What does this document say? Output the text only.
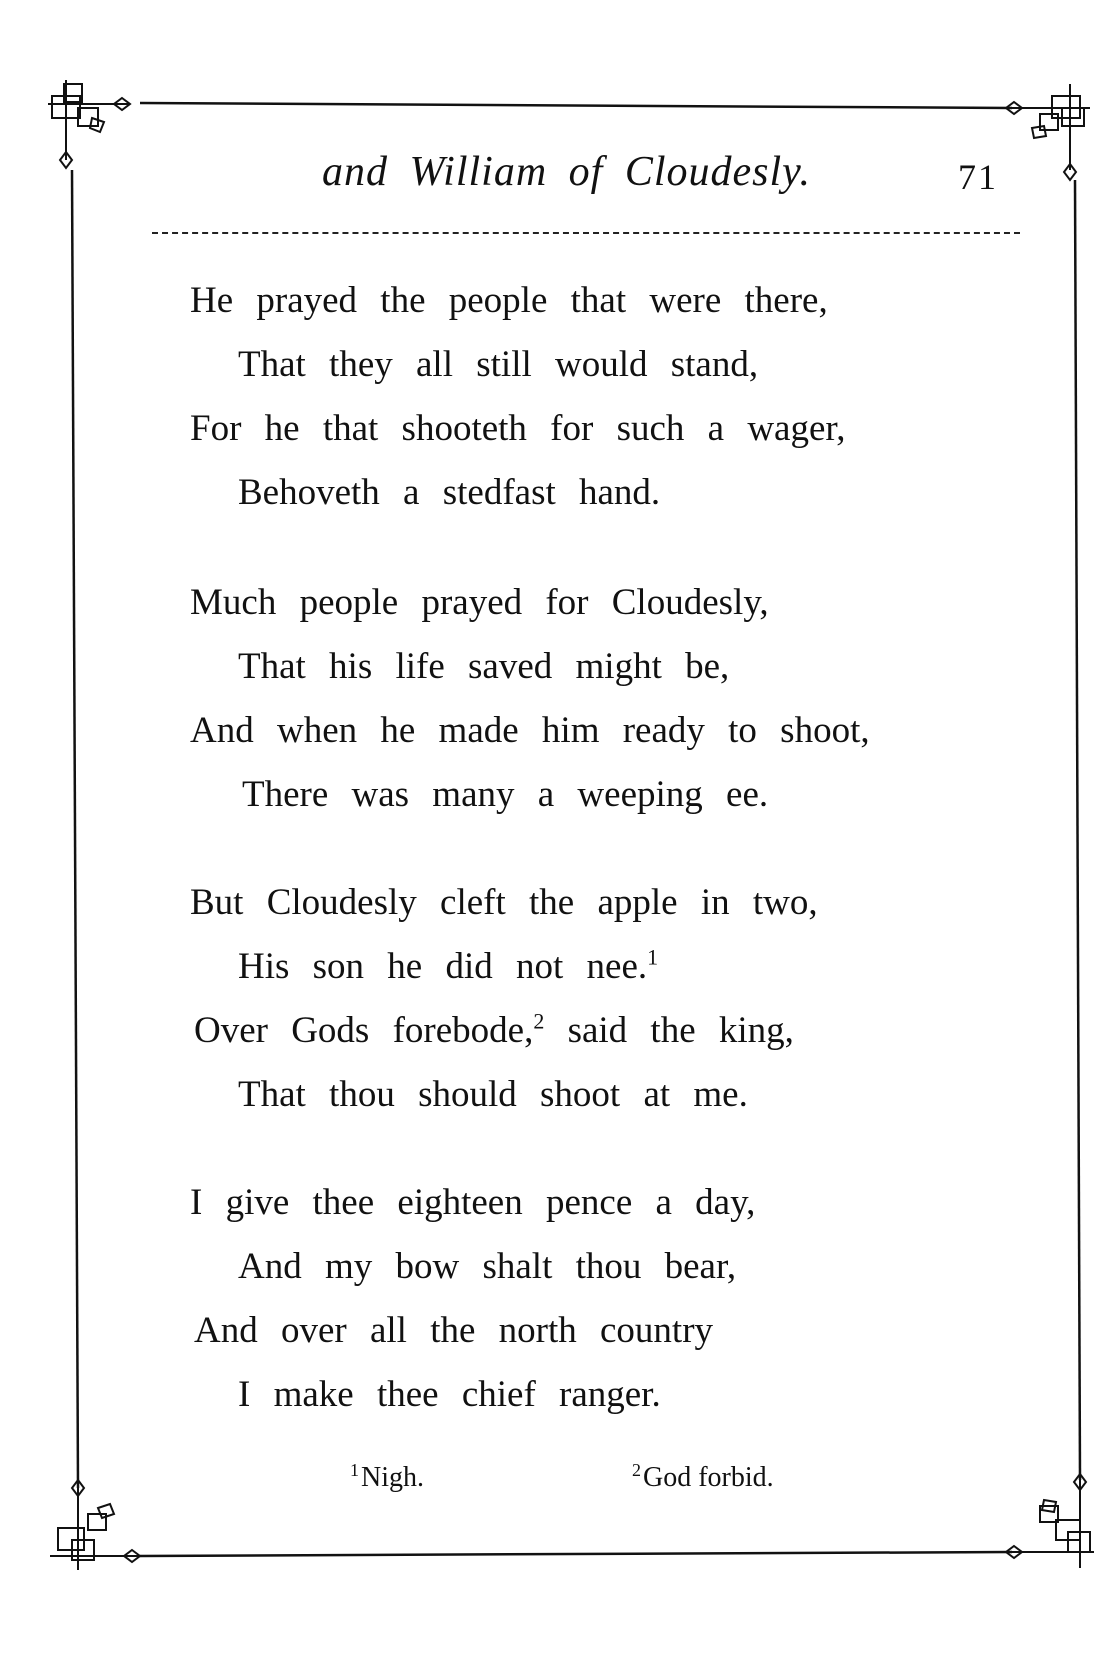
and William of Cloudesly.	71
He prayed the people that were there,
That they all still would stand,
For he that shooteth for such a wager,
Behoveth a stedfast hand.
Much people prayed for Cloudesly,
That his life saved might be,
And when he made him ready to shoot,
There was many a weeping ee.
But Cloudesly cleft the apple in two,
His son he did not nee.$^1$
Over Gods forebode,$^2$ said the king,
That thou should shoot at me.
I give thee eighteen pence a day,
And my bow shalt thou bear,
And over all the north country
I make thee chief ranger.
$^1$Nigh.	$^2$God forbid.
